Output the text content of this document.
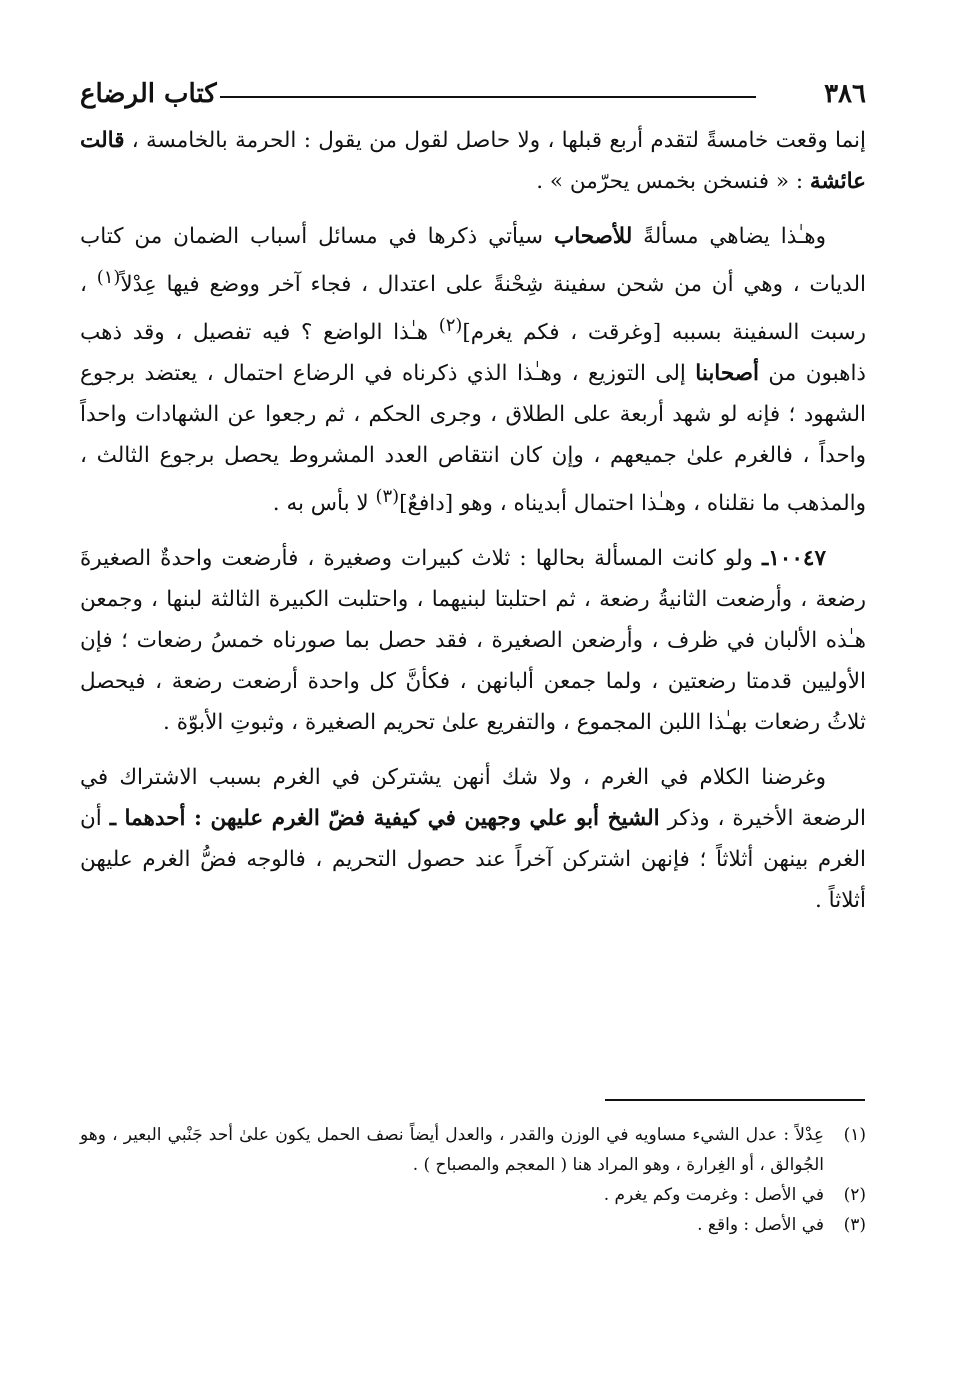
٣٨٦
كتاب الرضاع

إنما وقعت خامسةً لتقدم أربع قبلها ، ولا حاصل لقول من يقول : الحرمة بالخامسة ، قالت عائشة : « فنسخن بخمس يحرّمن » .

وهـٰذا يضاهي مسألةً للأصحاب سيأتي ذكرها في مسائل أسباب الضمان من كتاب الديات ، وهي أن من شحن سفينة شِحْنةً على اعتدال ، فجاء آخر ووضع فيها عِدْلاً$^{(١)}$ ، رسبت السفينة بسببه [وغرقت ، فكم يغرم]$^{(٢)}$ هـٰذا الواضع ؟ فيه تفصيل ، وقد ذهب ذاهبون من أصحابنا إلى التوزيع ، وهـٰذا الذي ذكرناه في الرضاع احتمال ، يعتضد برجوع الشهود ؛ فإنه لو شهد أربعة على الطلاق ، وجرى الحكم ، ثم رجعوا عن الشهادات واحداً واحداً ، فالغرم علىٰ جميعهم ، وإن كان انتقاص العدد المشروط يحصل برجوع الثالث ، والمذهب ما نقلناه ، وهـٰذا احتمال أبديناه ، وهو [دافعٌ]$^{(٣)}$ لا بأس به .

١٠٠٤٧ـ ولو كانت المسألة بحالها : ثلاث كبيرات وصغيرة ، فأرضعت واحدةٌ الصغيرةَ رضعة ، وأرضعت الثانيةُ رضعة ، ثم احتلبتا لبنيهما ، واحتلبت الكبيرة الثالثة لبنها ، وجمعن هـٰذه الألبان في ظرف ، وأرضعن الصغيرة ، فقد حصل بما صورناه خمسُ رضعات ؛ فإن الأوليين قدمتا رضعتين ، ولما جمعن ألبانهن ، فكأنَّ كل واحدة أرضعت رضعة ، فيحصل ثلاثُ رضعات بهـٰذا اللبن المجموع ، والتفريع علىٰ تحريم الصغيرة ، وثبوتِ الأبوّة .

وغرضنا الكلام في الغرم ، ولا شك أنهن يشتركن في الغرم بسبب الاشتراك في الرضعة الأخيرة ، وذكر الشيخ أبو علي وجهين في كيفية فضّ الغرم عليهن : أحدهما ـ أن الغرم بينهن أثلاثاً ؛ فإنهن اشتركن آخراً عند حصول التحريم ، فالوجه فضُّ الغرم عليهن أثلاثاً .

(١)
عِدْلاً : عدل الشيء مساويه في الوزن والقدر ، والعدل أيضاً نصف الحمل يكون علىٰ أحد جَنْبي البعير ، وهو الجُوالق ، أو الغِرارة ، وهو المراد هنا ( المعجم والمصباح ) .
(٢)
في الأصل : وغرمت وكم يغرم .
(٣)
في الأصل : واقع .
